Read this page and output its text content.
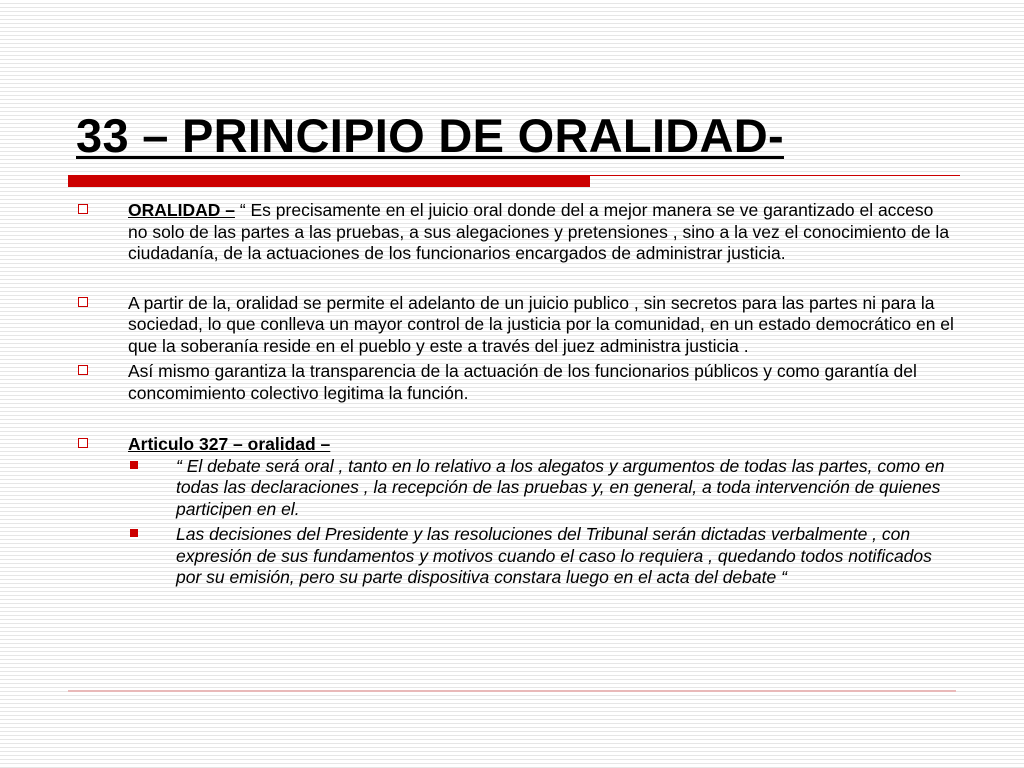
33 – PRINCIPIO DE ORALIDAD-
ORALIDAD – “ Es precisamente en el juicio oral donde del a mejor manera se ve garantizado el acceso no solo de las partes a las pruebas, a sus alegaciones y pretensiones , sino a la vez el conocimiento de la ciudadanía, de la actuaciones de los funcionarios encargados de administrar justicia.
A partir de la, oralidad se permite el adelanto de un juicio publico , sin secretos para las partes ni para la sociedad, lo que conlleva un mayor control de la justicia por la comunidad, en un estado democrático en el que la soberanía reside en el pueblo y este a través del juez administra justicia .
Así mismo garantiza la transparencia de la actuación de los funcionarios públicos y como garantía del concomimiento colectivo legitima la función.
Articulo 327 – oralidad –
“ El debate será oral , tanto en lo relativo a los alegatos y argumentos de todas las partes, como en todas las declaraciones , la recepción de las pruebas y, en general, a toda intervención de quienes participen en el.
Las decisiones del Presidente y las resoluciones del Tribunal serán dictadas verbalmente , con expresión de sus fundamentos y motivos cuando el caso lo requiera , quedando todos notificados por su emisión, pero su parte dispositiva constara luego en el acta del debate “
